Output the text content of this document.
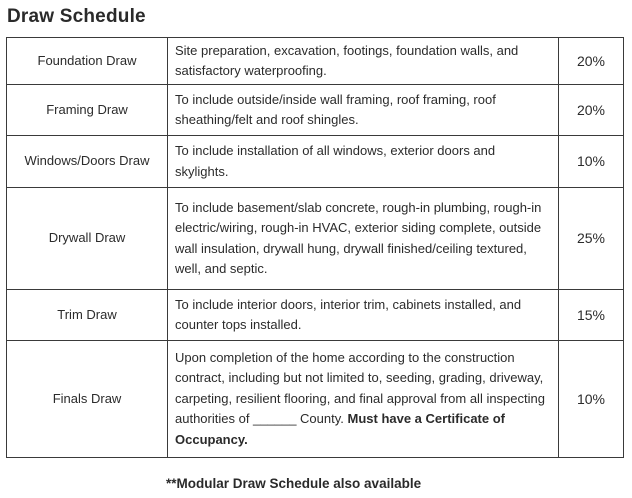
Draw Schedule
Foundation Draw	Site preparation, excavation, footings, foundation walls, and satisfactory waterproofing.	20%
Framing Draw	To include outside/inside wall framing, roof framing, roof sheathing/felt and roof shingles.	20%
Windows/Doors Draw	To include installation of all windows, exterior doors and skylights.	10%
Drywall Draw	To include basement/slab concrete, rough-in plumbing, rough-in electric/wiring, rough-in HVAC, exterior siding complete, outside wall insulation, drywall hung, drywall finished/ceiling textured, well, and septic.	25%
Trim Draw	To include interior doors, interior trim, cabinets installed, and counter tops installed.	15%
Finals Draw	Upon completion of the home according to the construction contract, including but not limited to, seeding, grading, driveway, carpeting, resilient flooring, and final approval from all inspecting authorities of ______ County. Must have a Certificate of Occupancy.	10%
**Modular Draw Schedule also available
